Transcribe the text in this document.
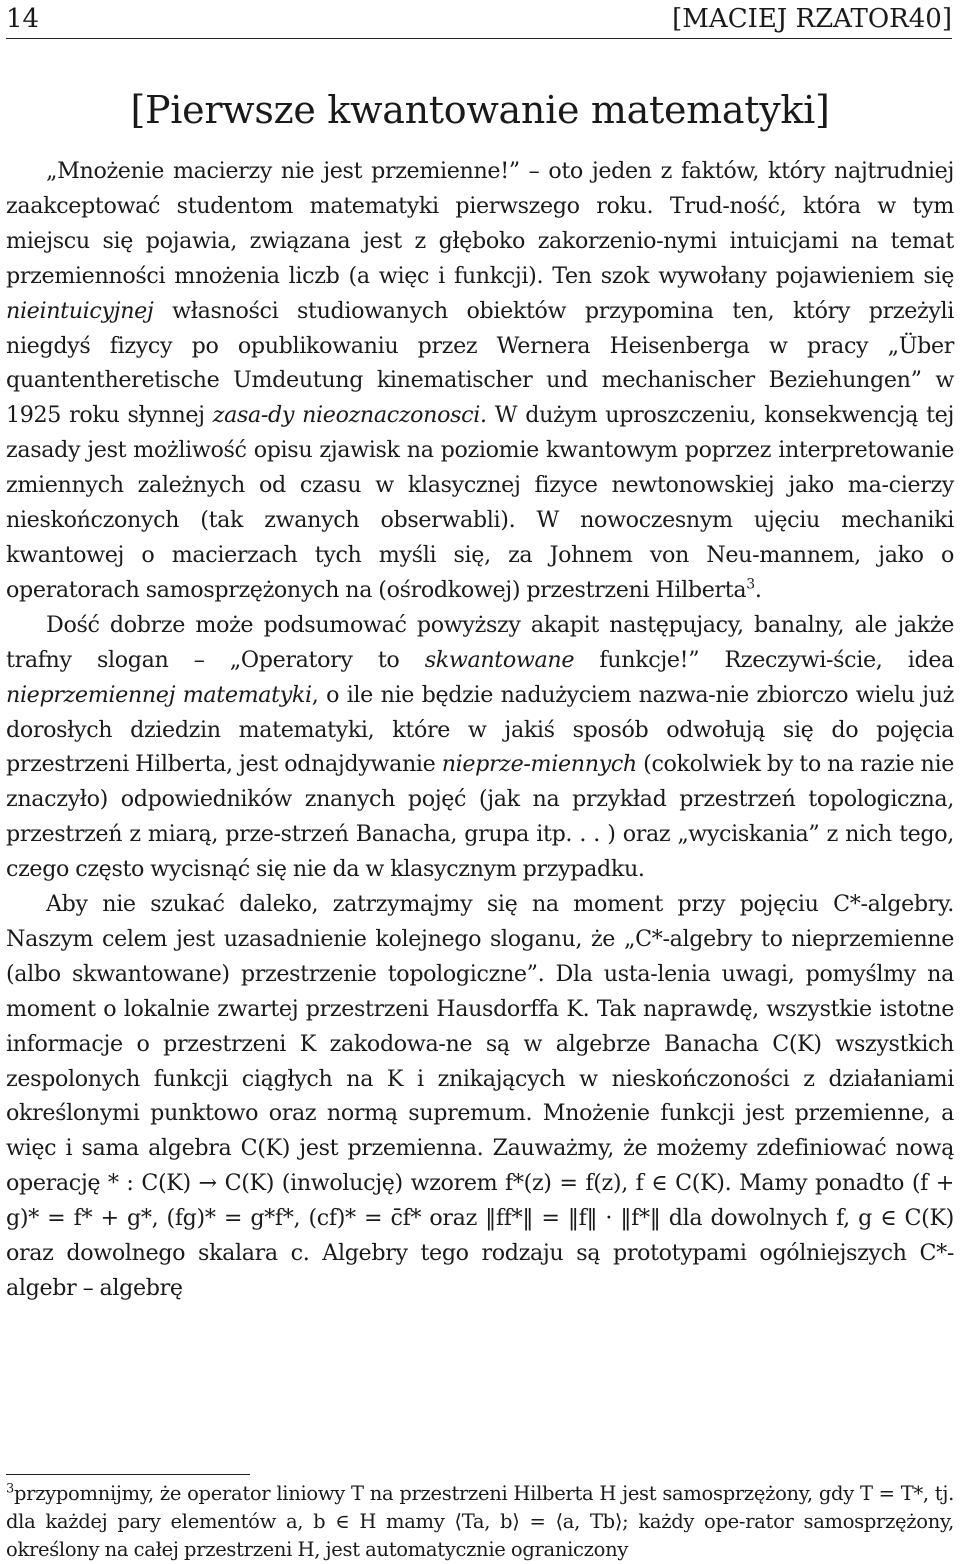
14	[MACIEJ RZATOR40]
[Pierwsze kwantowanie matematyki]

„Mnożenie macierzy nie jest przemienne!” – oto jeden z faktów, który najtrudniej zaakceptować studentom matematyki pierwszego roku. Trud-ność, która w tym miejscu się pojawia, związana jest z głęboko zakorzenio-nymi intuicjami na temat przemienności mnożenia liczb (a więc i funkcji). Ten szok wywołany pojawieniem się nieintuicyjnej własności studiowanych obiektów przypomina ten, który przeżyli niegdyś fizycy po opublikowaniu przez Wernera Heisenberga w pracy „Über quantentheretische Umdeutung kinematischer und mechanischer Beziehungen” w 1925 roku słynnej zasa-dy nieoznaczonosci. W dużym uproszczeniu, konsekwencją tej zasady jest możliwość opisu zjawisk na poziomie kwantowym poprzez interpretowanie zmiennych zależnych od czasu w klasycznej fizyce newtonowskiej jako ma-cierzy nieskończonych (tak zwanych obserwabli). W nowoczesnym ujęciu mechaniki kwantowej o macierzach tych myśli się, za Johnem von Neu-mannem, jako o operatorach samosprzężonych na (ośrodkowej) przestrzeni Hilberta$^3$.

Dość dobrze może podsumować powyższy akapit następujacy, banalny, ale jakże trafny slogan – „Operatory to skwantowane funkcje!” Rzeczywi-ście, idea nieprzemiennej matematyki, o ile nie będzie nadużyciem nazwa-nie zbiorczo wielu już dorosłych dziedzin matematyki, które w jakiś sposób odwołują się do pojęcia przestrzeni Hilberta, jest odnajdywanie nieprze-miennych (cokolwiek by to na razie nie znaczyło) odpowiedników znanych pojęć (jak na przykład przestrzeń topologiczna, przestrzeń z miarą, prze-strzeń Banacha, grupa itp. . . ) oraz „wyciskania” z nich tego, czego często wycisnąć się nie da w klasycznym przypadku.

Aby nie szukać daleko, zatrzymajmy się na moment przy pojęciu C*-algebry. Naszym celem jest uzasadnienie kolejnego sloganu, że „C*-algebry to nieprzemienne (albo skwantowane) przestrzenie topologiczne”. Dla usta-lenia uwagi, pomyślmy na moment o lokalnie zwartej przestrzeni Hausdorffa K. Tak naprawdę, wszystkie istotne informacje o przestrzeni K zakodowa-ne są w algebrze Banacha C(K) wszystkich zespolonych funkcji ciągłych na K i znikających w nieskończoności z działaniami określonymi punktowo oraz normą supremum. Mnożenie funkcji jest przemienne, a więc i sama algebra C(K) jest przemienna. Zauważmy, że możemy zdefiniować nową operację * : C(K) → C(K) (inwolucję) wzorem f*(z) = f(z), f ∈ C(K). Mamy ponadto (f + g)* = f* + g*, (fg)* = g*f*, (cf)* = c̄f* oraz ‖ff*‖ = ‖f‖ · ‖f*‖ dla dowolnych f, g ∈ C(K) oraz dowolnego skalara c. Algebry tego rodzaju są prototypami ogólniejszych C*-algebr – algebrę

$^3$przypomnijmy, że operator liniowy T na przestrzeni Hilberta H jest samosprzężony, gdy T = T*, tj. dla każdej pary elementów a, b ∈ H mamy ⟨Ta, b⟩ = ⟨a, Tb⟩; każdy ope-rator samosprzężony, określony na całej przestrzeni H, jest automatycznie ograniczony
